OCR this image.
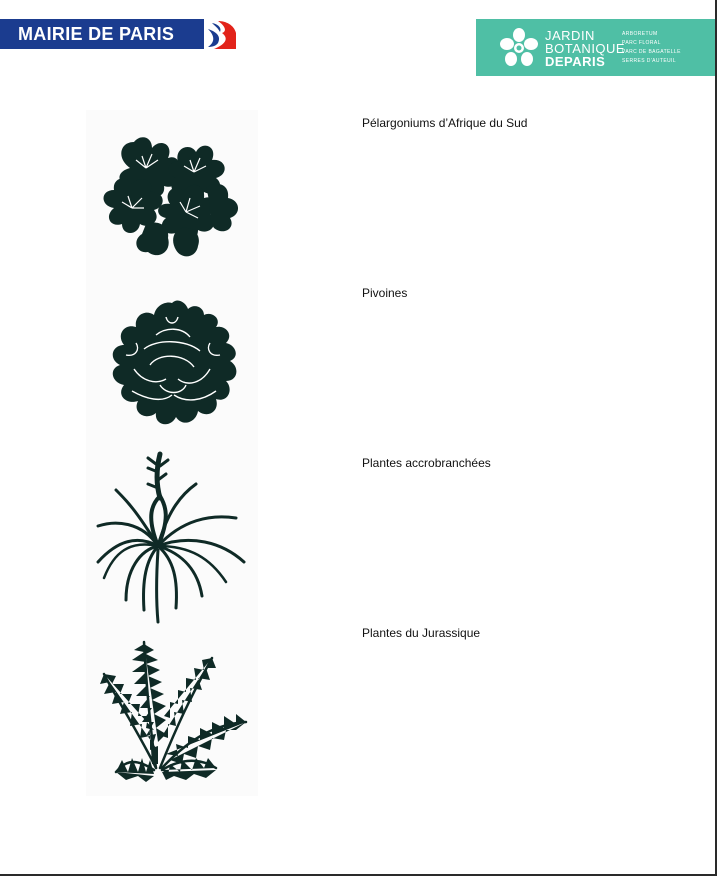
MAIRIE DE PARIS	JARDIN
BOTANIQUE
DEPARIS
ARBORETUM
PARC FLORAL
PARC DE BAGATELLE
SERRES D'AUTEUIL
Pélargoniums d’Afrique du Sud
Pivoines
Plantes accrobranchées
Plantes du Jurassique
